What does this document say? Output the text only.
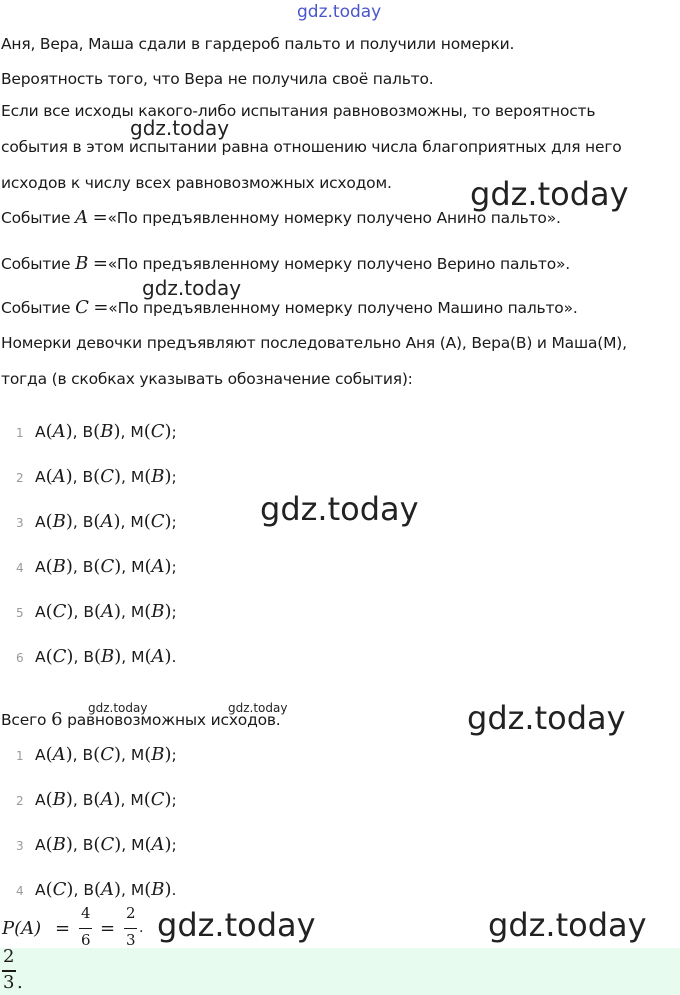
gdz.today
gdz.today
gdz.today
gdz.today
gdz.today
gdz.today	gdz.today	gdz.today
gdz.today	gdz.today
Аня, Вера, Маша сдали в гардероб пальто и получили номерки.
Вероятность того, что Вера не получила своё пальто.
Если все исходы какого-либо испытания равновозможны, то вероятность
события в этом испытании равна отношению числа благоприятных для него
исходов к числу всех равновозможных исходом.
Событие A =«По предъявленному номерку получено Анино пальто».
Событие B =«По предъявленному номерку получено Верино пальто».
Событие C =«По предъявленному номерку получено Машино пальто».
Номерки девочки предъявляют последовательно Аня (А), Вера(В) и Маша(М),
тогда (в скобках указывать обозначение события):
1 А(A), В(B), М(C);
2 А(A), В(C), М(B);
3 А(B), В(A), М(C);
4 А(B), В(C), М(A);
5 А(C), В(A), М(B);
6 А(C), В(B), М(A).
Всего 6 равновозможных исходов.
1 А(A), В(C), М(B);
2 А(B), В(A), М(C);
3 А(B), В(C), М(A);
4 А(C), В(A), М(B).
P(A) =
4
6
=
2
3
.
2
3 .
